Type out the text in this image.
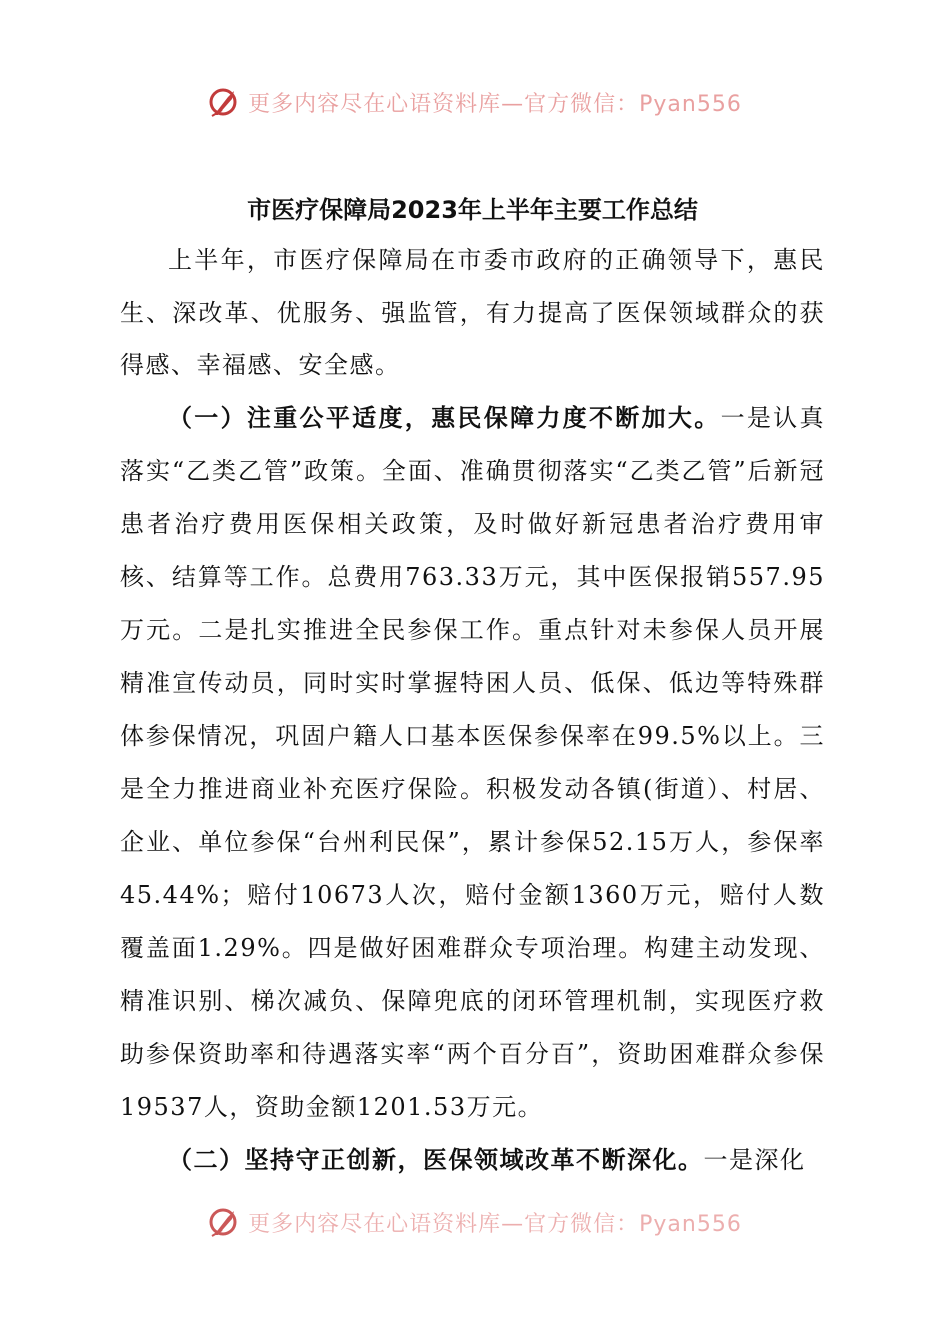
更多内容尽在心语资料库—官方微信：Pyan556
市医疗保障局2023年上半年主要工作总结

上半年，市医疗保障局在市委市政府的正确领导下，惠民生、深改革、优服务、强监管，有力提高了医保领域群众的获得感、幸福感、安全感。

（一）注重公平适度，惠民保障力度不断加大。一是认真落实“乙类乙管”政策。全面、准确贯彻落实“乙类乙管”后新冠患者治疗费用医保相关政策，及时做好新冠患者治疗费用审核、结算等工作。总费用763.33万元，其中医保报销557.95万元。二是扎实推进全民参保工作。重点针对未参保人员开展精准宣传动员，同时实时掌握特困人员、低保、低边等特殊群体参保情况，巩固户籍人口基本医保参保率在99.5%以上。三是全力推进商业补充医疗保险。积极发动各镇(街道）、村居、企业、单位参保“台州利民保”，累计参保52.15万人，参保率45.44%；赔付10673人次，赔付金额1360万元，赔付人数覆盖面1.29%。四是做好困难群众专项治理。构建主动发现、精准识别、梯次减负、保障兜底的闭环管理机制，实现医疗救助参保资助率和待遇落实率“两个百分百”，资助困难群众参保19537人，资助金额1201.53万元。

（二）坚持守正创新，医保领域改革不断深化。一是深化

更多内容尽在心语资料库—官方微信：Pyan556
